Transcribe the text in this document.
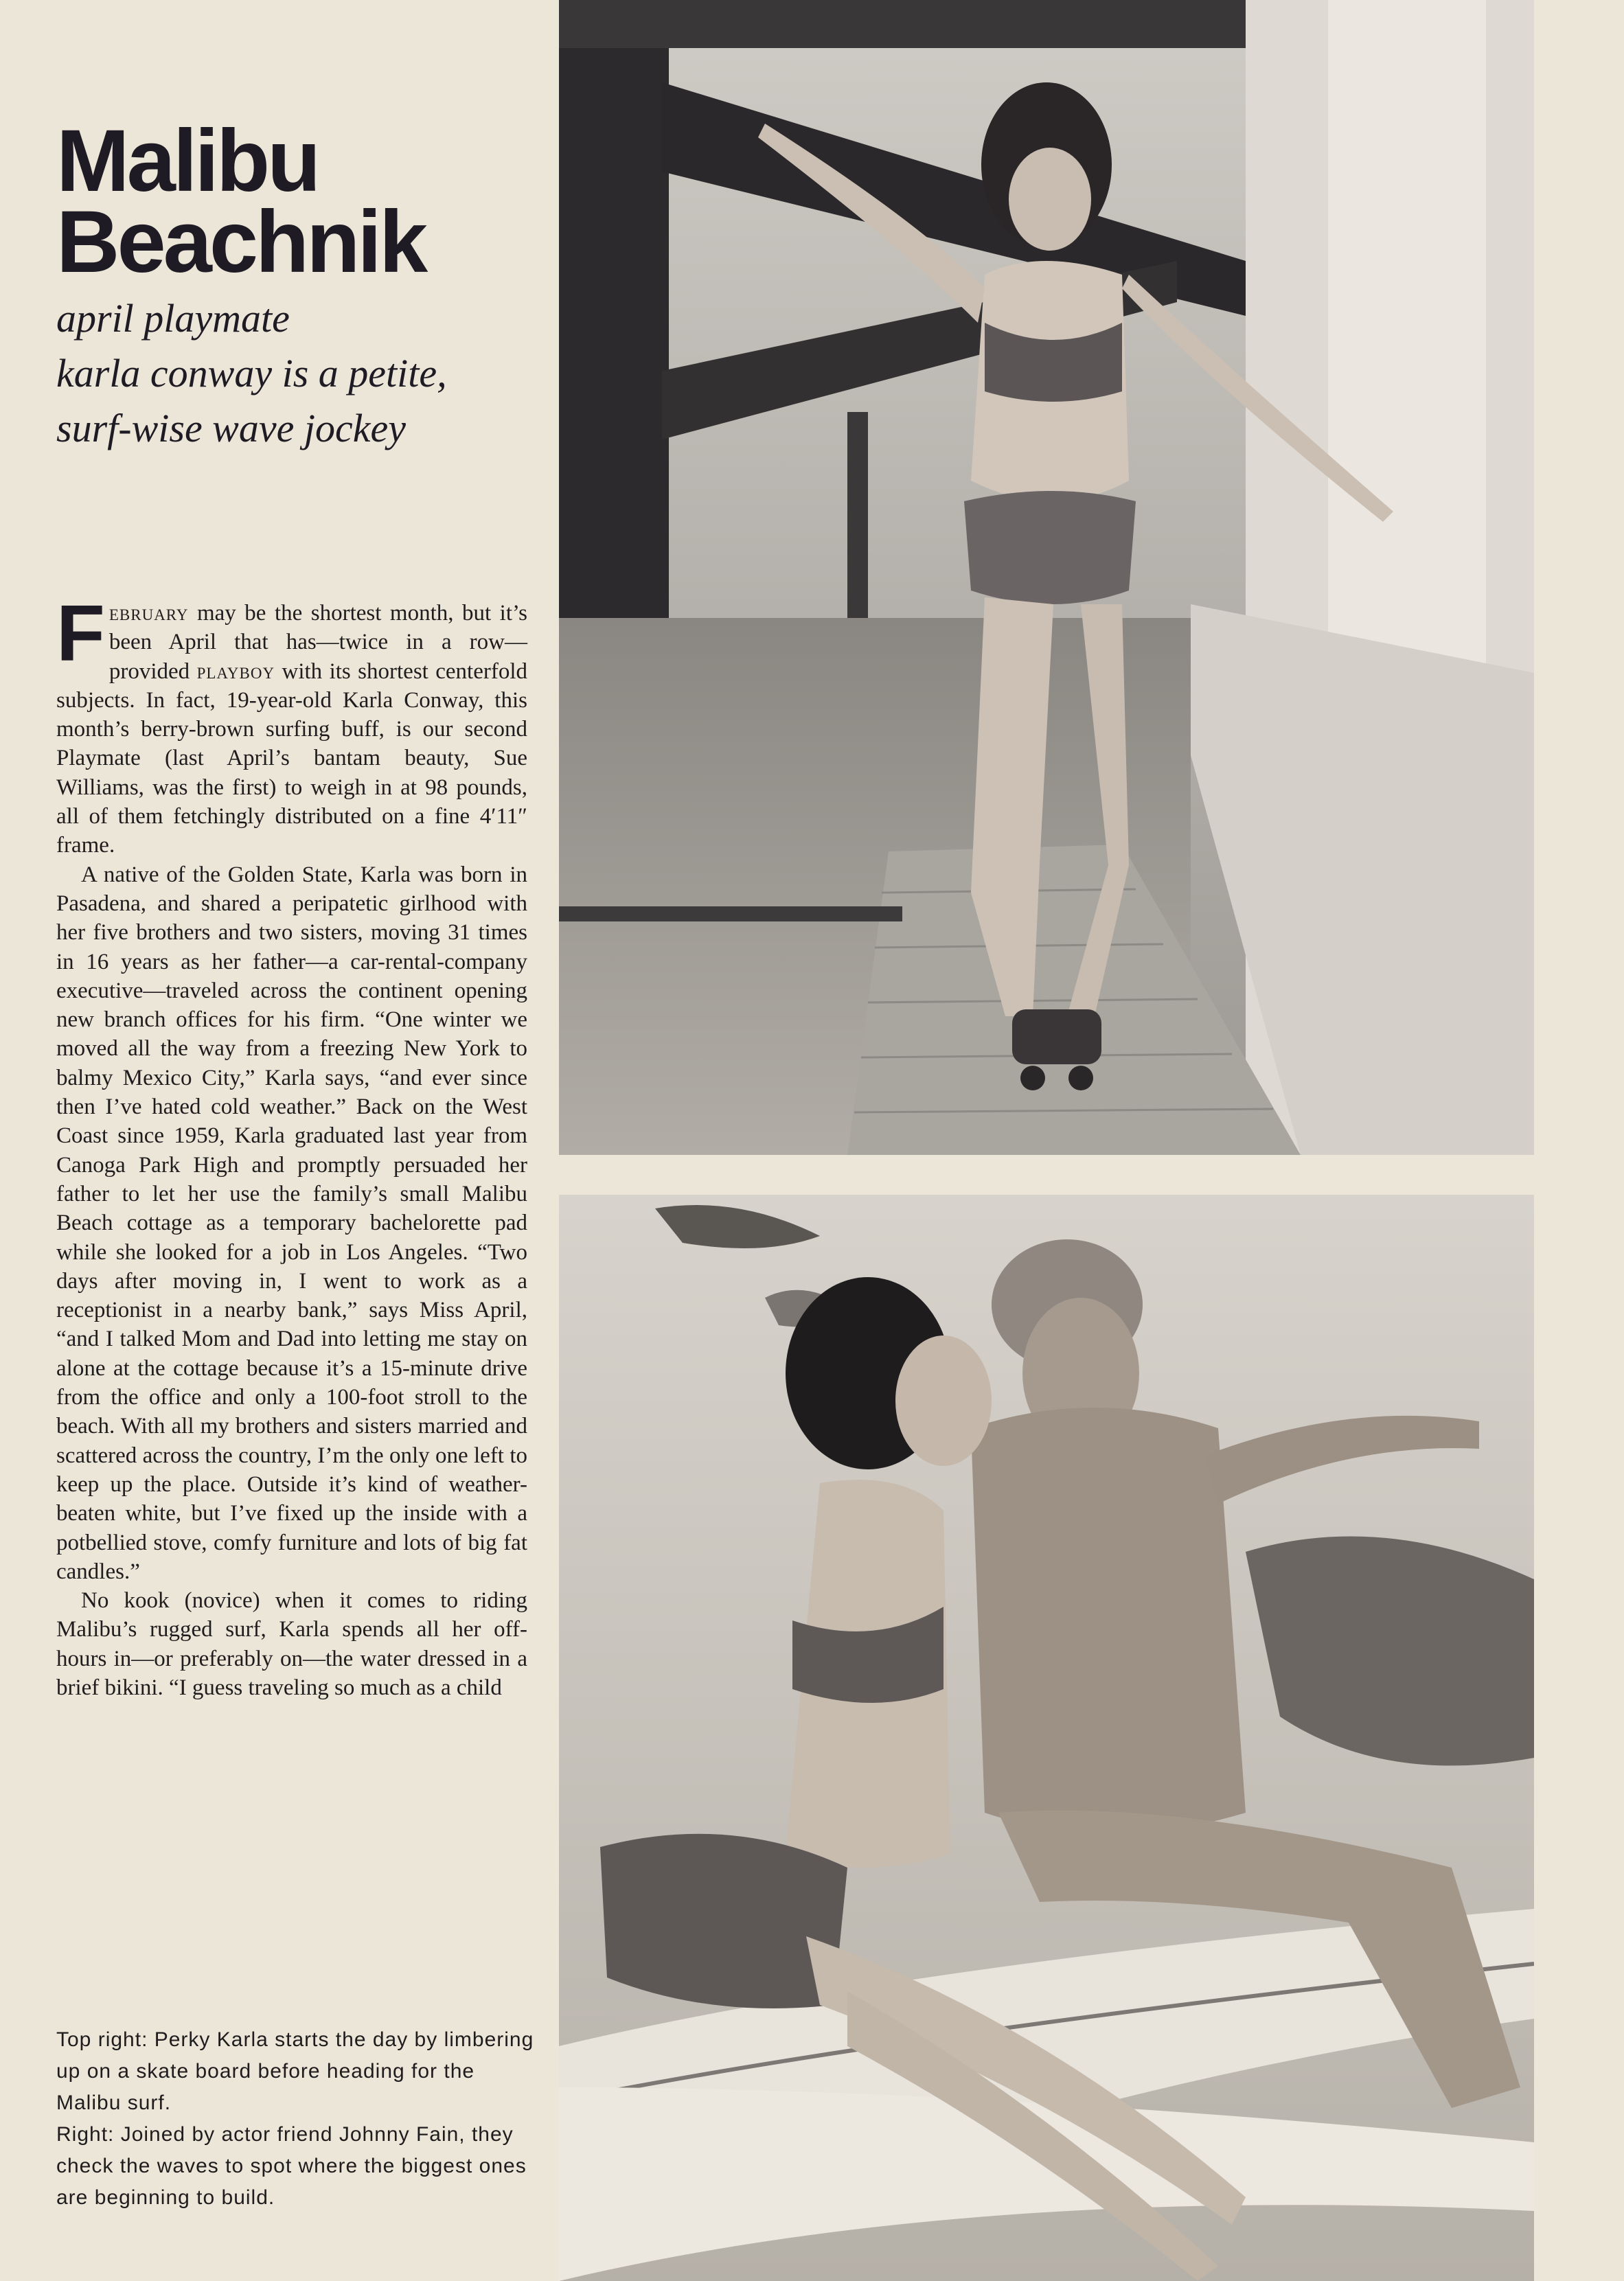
Malibu
Beachnik
april playmate
karla conway is a petite,
surf-wise wave jockey

February may be the shortest month, but it’s been April that has—twice in a row—provided playboy with its shortest centerfold subjects. In fact, 19-year-old Karla Conway, this month’s berry-brown surfing buff, is our second Playmate (last April’s bantam beauty, Sue Williams, was the first) to weigh in at 98 pounds, all of them fetchingly distributed on a fine 4′11″ frame.

A native of the Golden State, Karla was born in Pasadena, and shared a peripatetic girlhood with her five brothers and two sisters, moving 31 times in 16 years as her father—a car-rental-company executive—traveled across the continent opening new branch offices for his firm. “One winter we moved all the way from a freezing New York to balmy Mexico City,” Karla says, “and ever since then I’ve hated cold weather.” Back on the West Coast since 1959, Karla graduated last year from Canoga Park High and promptly persuaded her father to let her use the family’s small Malibu Beach cottage as a temporary bachelorette pad while she looked for a job in Los Angeles. “Two days after moving in, I went to work as a receptionist in a nearby bank,” says Miss April, “and I talked Mom and Dad into letting me stay on alone at the cottage because it’s a 15-minute drive from the office and only a 100-foot stroll to the beach. With all my brothers and sisters married and scattered across the country, I’m the only one left to keep up the place. Outside it’s kind of weather-beaten white, but I’ve fixed up the inside with a potbellied stove, comfy furniture and lots of big fat candles.”

No kook (novice) when it comes to riding Malibu’s rugged surf, Karla spends all her off-hours in—or preferably on—the water dressed in a brief bikini. “I guess traveling so much as a child

Top right: Perky Karla starts the day by limbering up on a skate board before heading for the Malibu surf.

Right: Joined by actor friend Johnny Fain, they check the waves to spot where the biggest ones are beginning to build.
